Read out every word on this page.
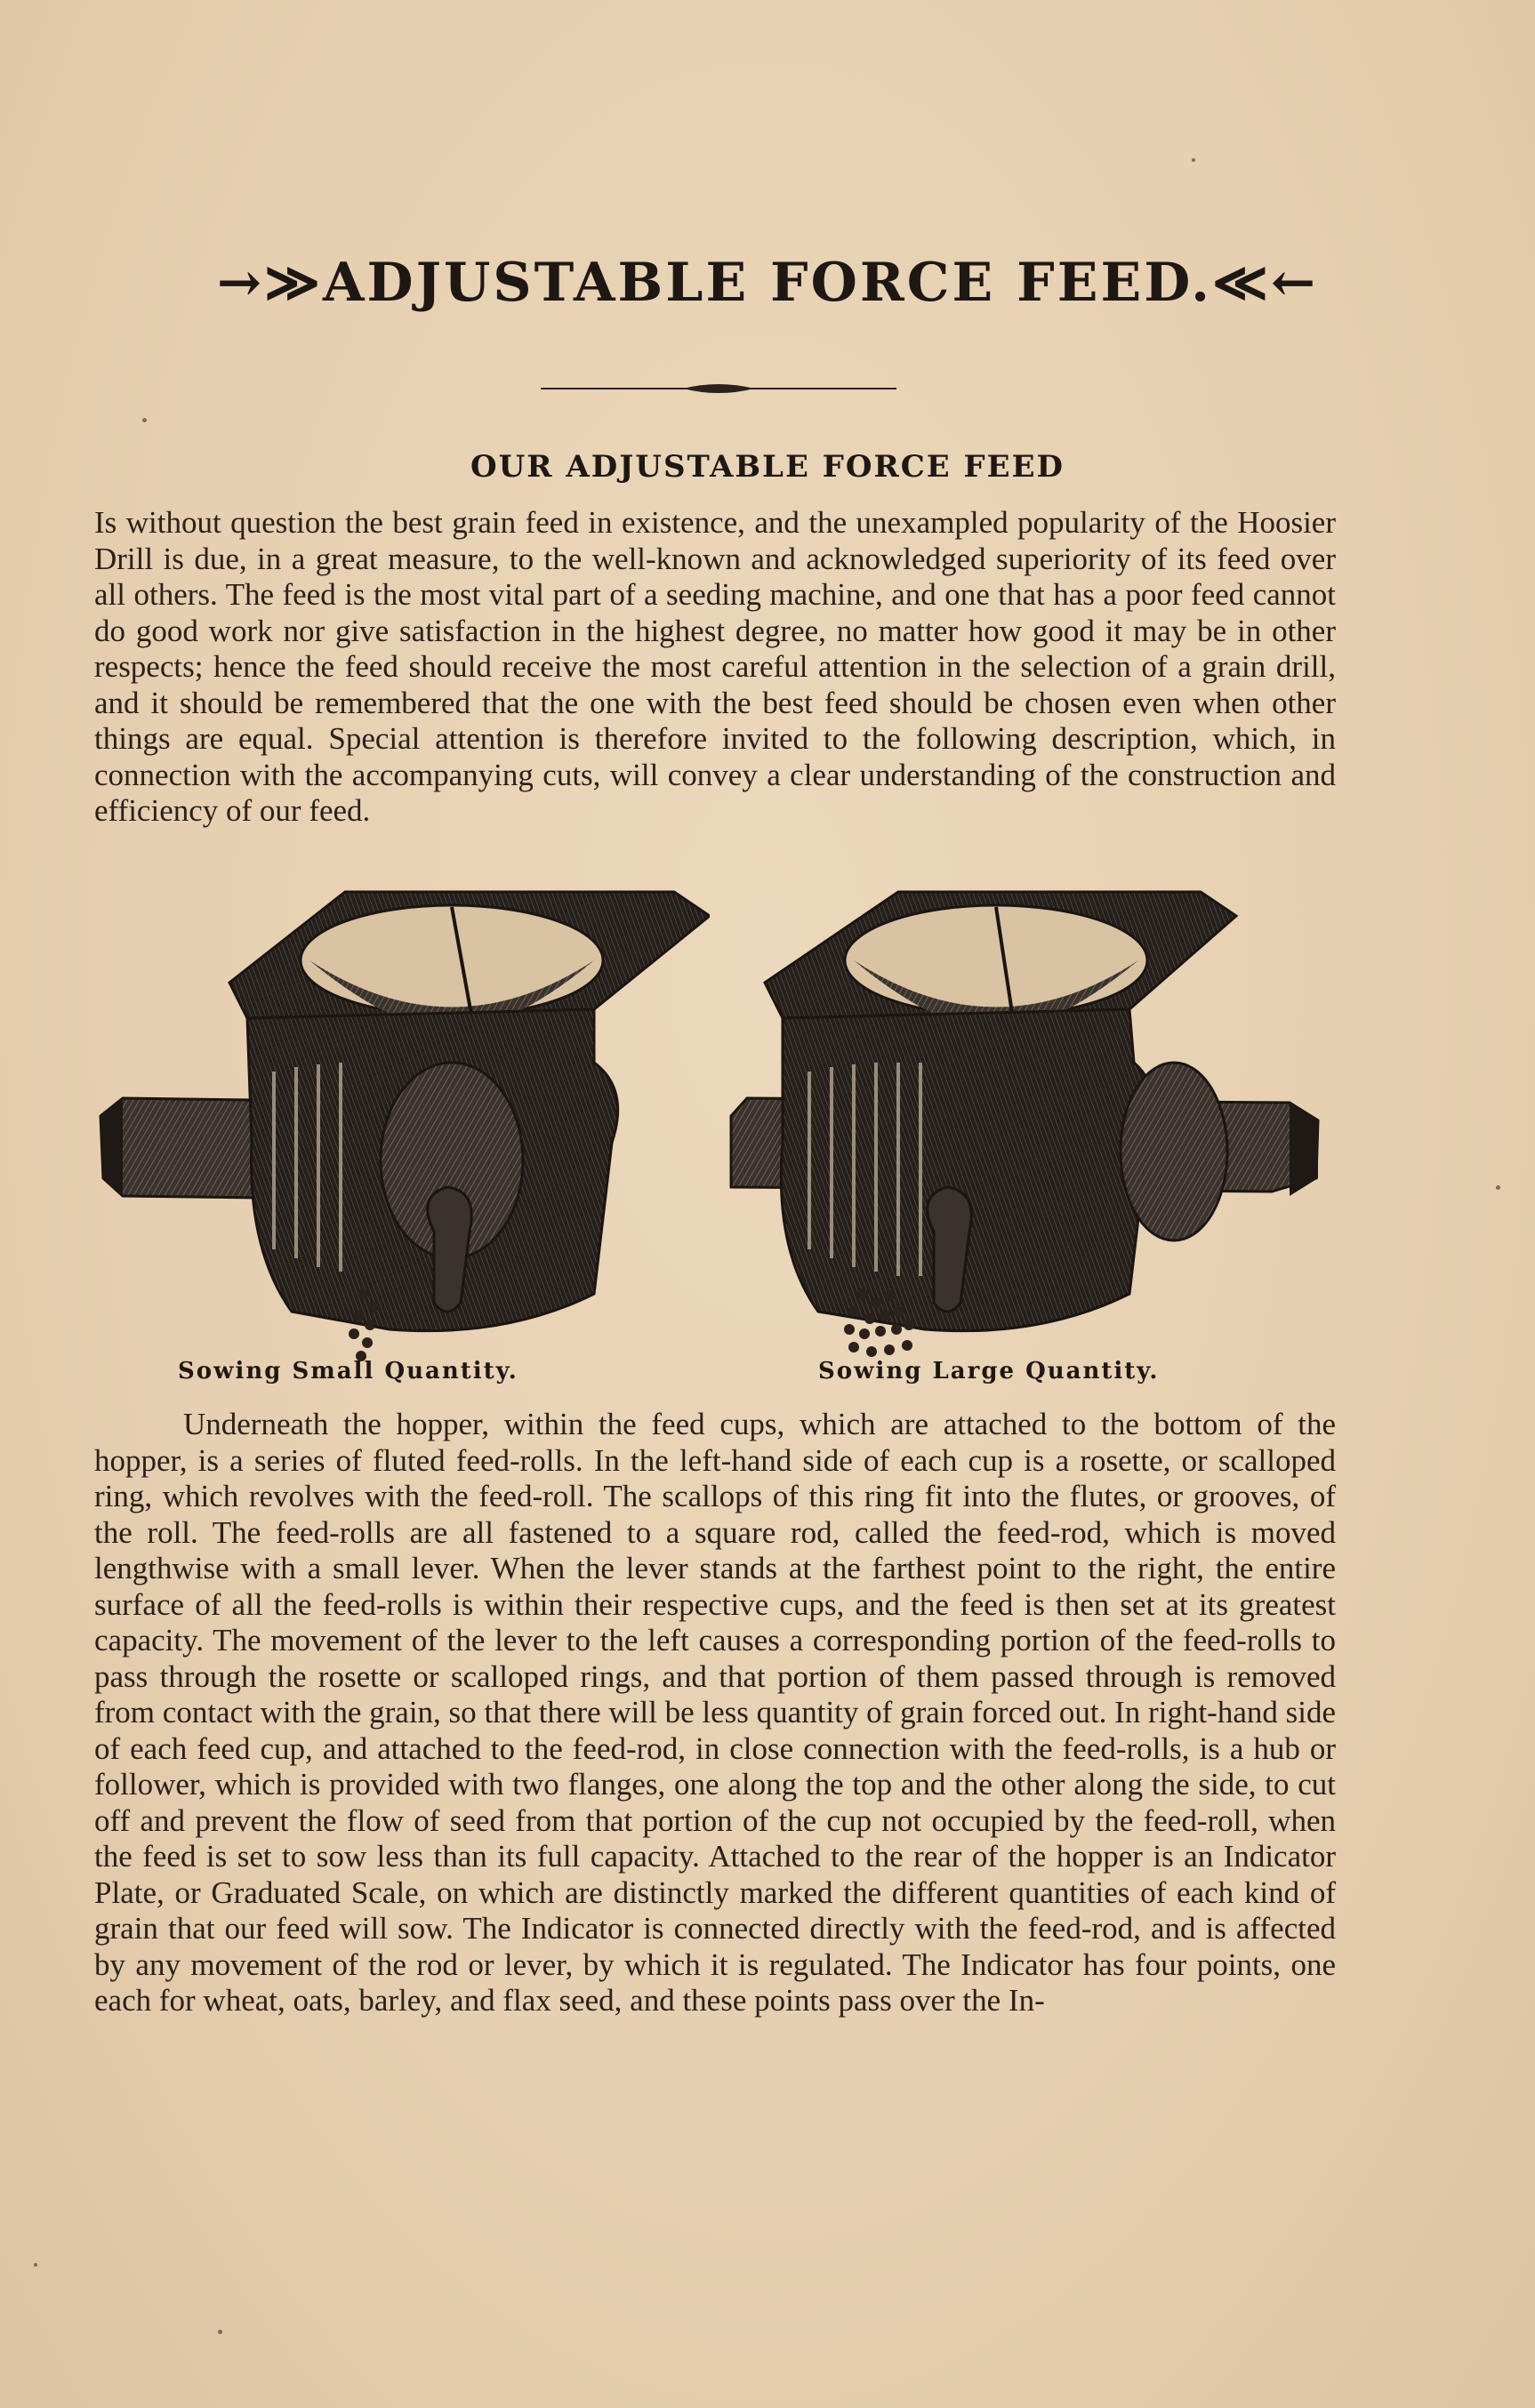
→≫ADJUSTABLE FORCE FEED.≪←
OUR ADJUSTABLE FORCE FEED

Is without question the best grain feed in existence, and the unexampled popularity of the Hoosier Drill is due, in a great measure, to the well-known and acknowledged superiority of its feed over all others. The feed is the most vital part of a seeding machine, and one that has a poor feed cannot do good work nor give satisfaction in the highest degree, no matter how good it may be in other respects; hence the feed should receive the most careful attention in the selection of a grain drill, and it should be remembered that the one with the best feed should be chosen even when other things are equal. Special attention is therefore invited to the following description, which, in connection with the accompanying cuts, will convey a clear understanding of the construction and efficiency of our feed.

Sowing Small Quantity.	Sowing Large Quantity.

Underneath the hopper, within the feed cups, which are attached to the bottom of the hopper, is a series of fluted feed-rolls. In the left-hand side of each cup is a rosette, or scalloped ring, which revolves with the feed-roll. The scallops of this ring fit into the flutes, or grooves, of the roll. The feed-rolls are all fastened to a square rod, called the feed-rod, which is moved lengthwise with a small lever. When the lever stands at the farthest point to the right, the entire surface of all the feed-rolls is within their respective cups, and the feed is then set at its greatest capacity. The movement of the lever to the left causes a corresponding portion of the feed-rolls to pass through the rosette or scalloped rings, and that portion of them passed through is removed from contact with the grain, so that there will be less quantity of grain forced out. In right-hand side of each feed cup, and attached to the feed-rod, in close connection with the feed-rolls, is a hub or follower, which is provided with two flanges, one along the top and the other along the side, to cut off and prevent the flow of seed from that portion of the cup not occupied by the feed-roll, when the feed is set to sow less than its full capacity. Attached to the rear of the hopper is an Indicator Plate, or Graduated Scale, on which are distinctly marked the different quantities of each kind of grain that our feed will sow. The Indicator is connected directly with the feed-rod, and is affected by any movement of the rod or lever, by which it is regulated. The Indicator has four points, one each for wheat, oats, barley, and flax seed, and these points pass over the In-
